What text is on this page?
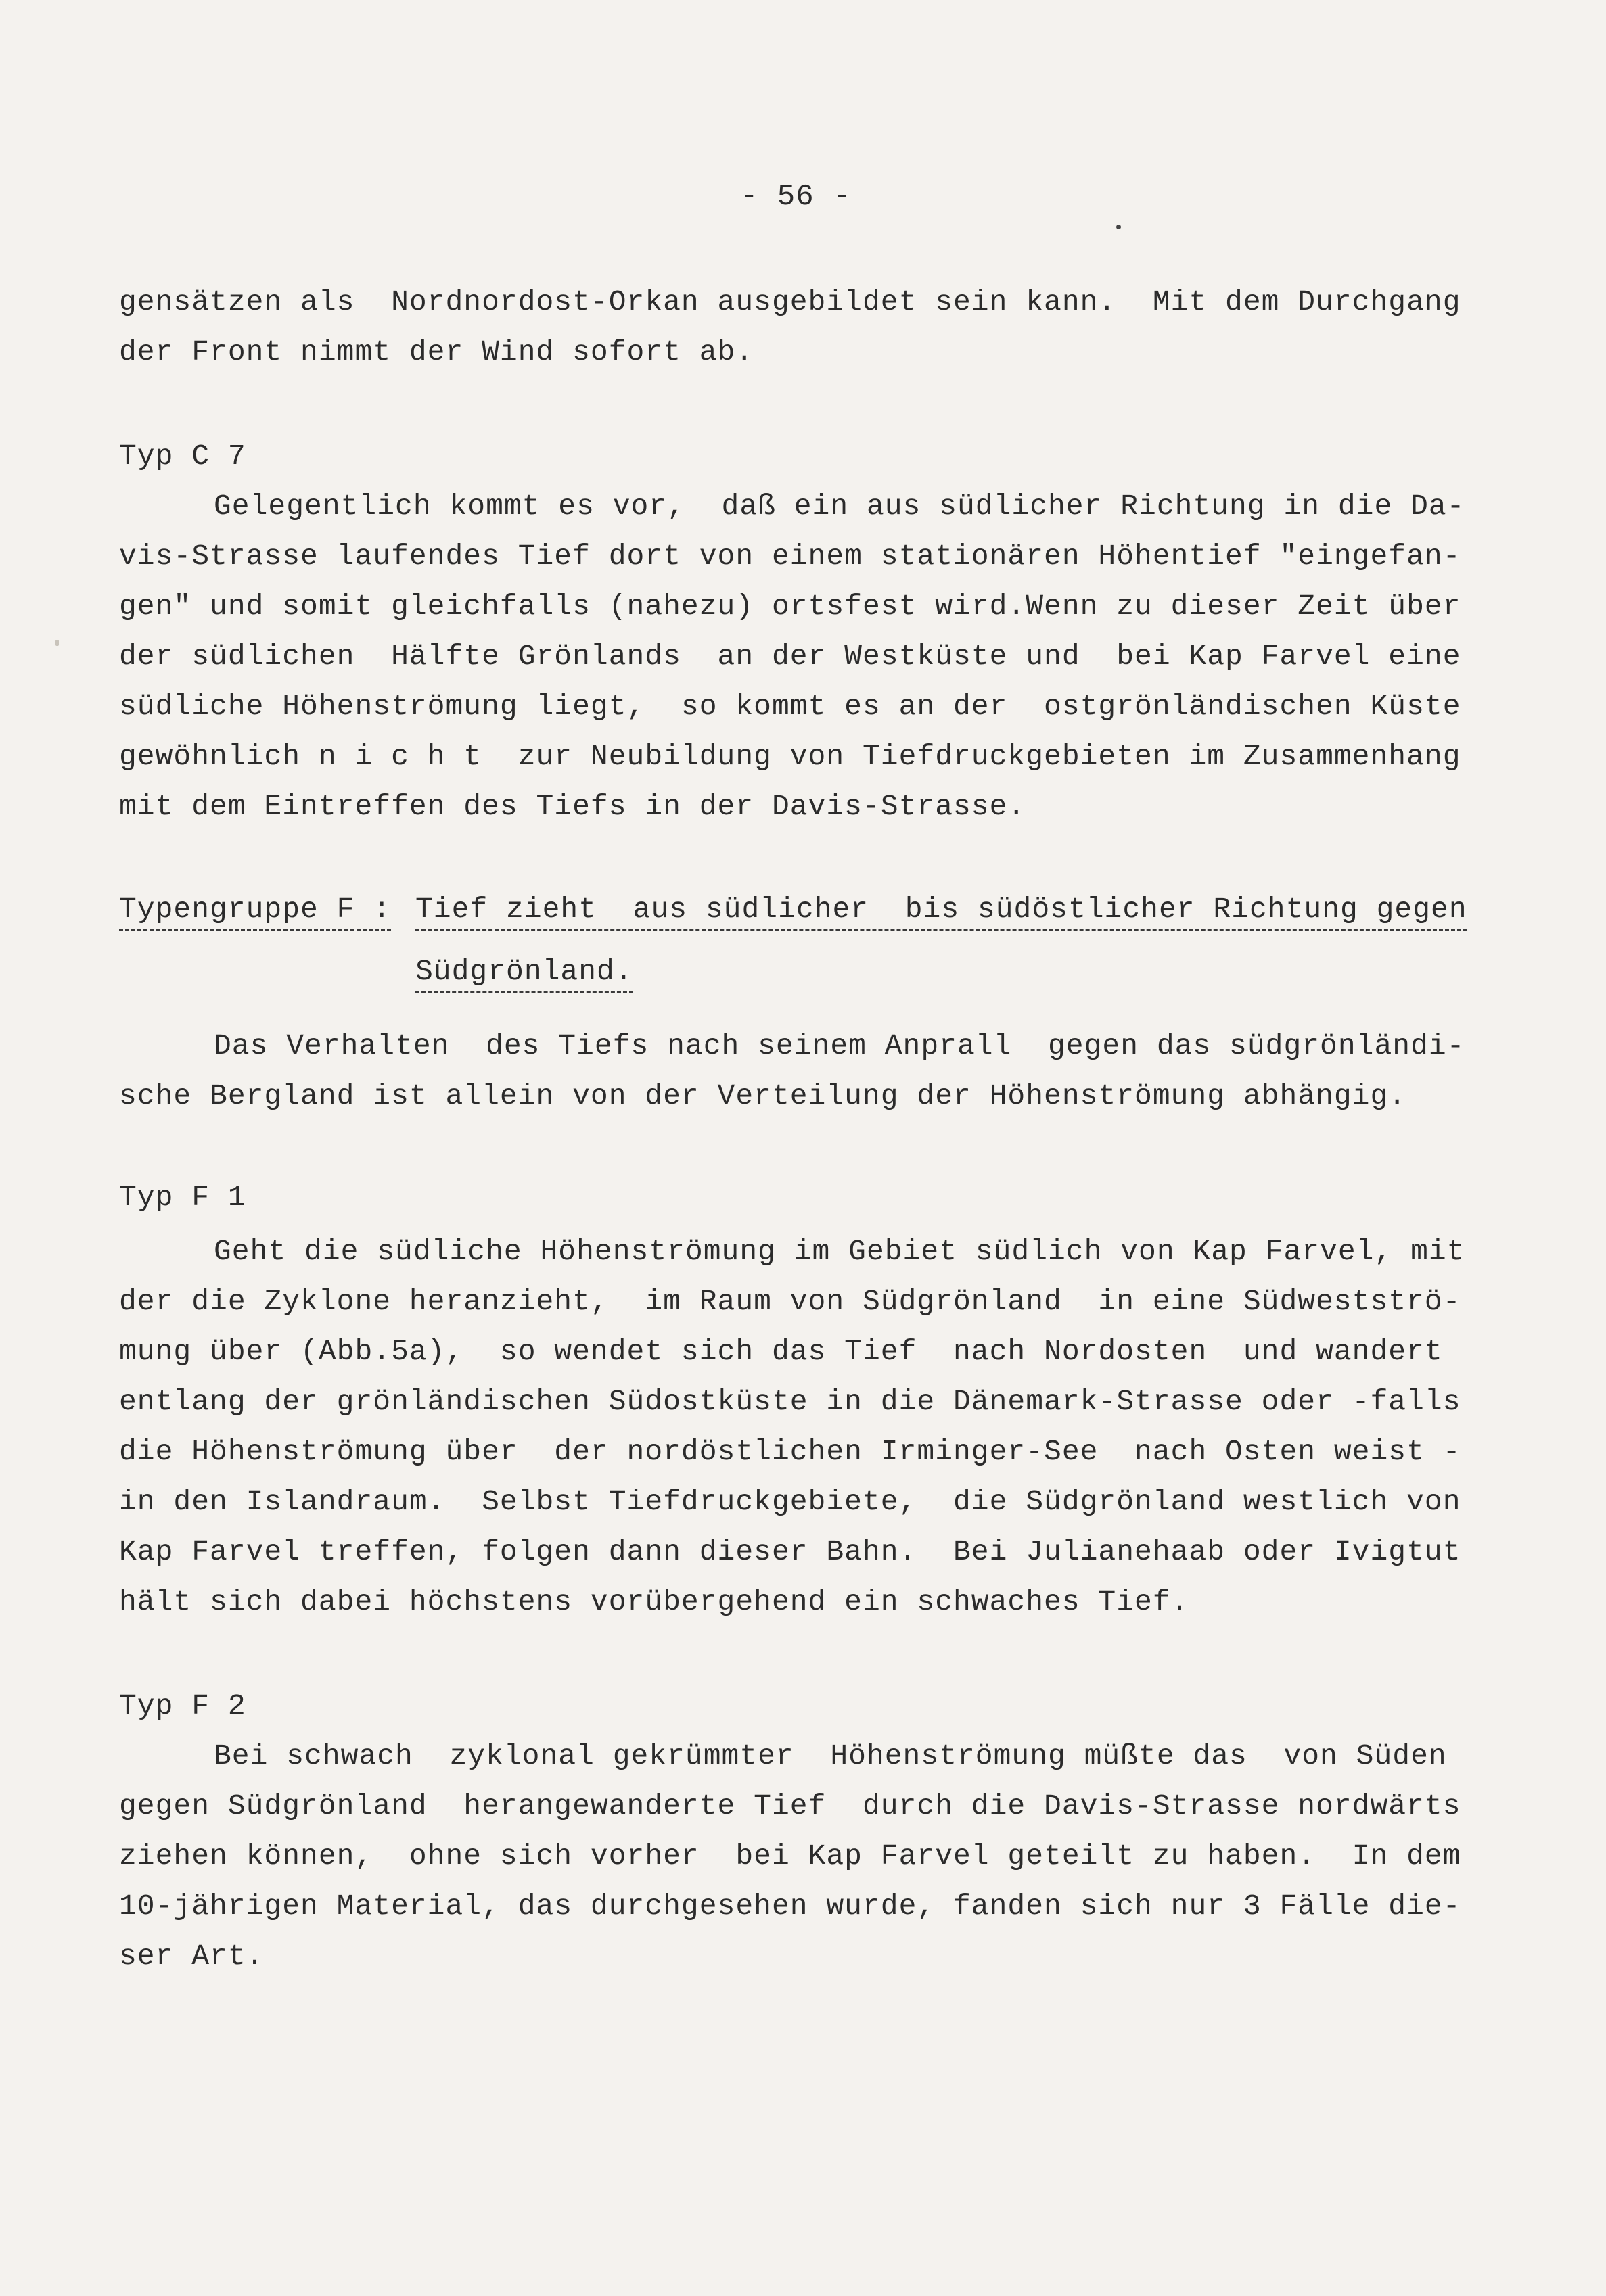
- 56 -
gensätzen als  Nordnordost-Orkan ausgebildet sein kann.  Mit dem Durchgang
der Front nimmt der Wind sofort ab.
Typ C 7
Gelegentlich kommt es vor,  daß ein aus südlicher Richtung in die Da-
vis-Strasse laufendes Tief dort von einem stationären Höhentief "eingefan-
gen" und somit gleichfalls (nahezu) ortsfest wird.Wenn zu dieser Zeit über
der südlichen  Hälfte Grönlands  an der Westküste und  bei Kap Farvel eine
südliche Höhenströmung liegt,  so kommt es an der  ostgrönländischen Küste
gewöhnlich n i c h t  zur Neubildung von Tiefdruckgebieten im Zusammenhang
mit dem Eintreffen des Tiefs in der Davis-Strasse.
Typengruppe F : Tief zieht  aus südlicher  bis südöstlicher Richtung gegen
Südgrönland.
Das Verhalten  des Tiefs nach seinem Anprall  gegen das südgrönländi-
sche Bergland ist allein von der Verteilung der Höhenströmung abhängig.
Typ F 1
Geht die südliche Höhenströmung im Gebiet südlich von Kap Farvel, mit
der die Zyklone heranzieht,  im Raum von Südgrönland  in eine Südwestströ-
mung über (Abb.5a),  so wendet sich das Tief  nach Nordosten  und wandert
entlang der grönländischen Südostküste in die Dänemark-Strasse oder -falls
die Höhenströmung über  der nordöstlichen Irminger-See  nach Osten weist -
in den Islandraum.  Selbst Tiefdruckgebiete,  die Südgrönland westlich von
Kap Farvel treffen, folgen dann dieser Bahn.  Bei Julianehaab oder Ivigtut
hält sich dabei höchstens vorübergehend ein schwaches Tief.
Typ F 2
Bei schwach  zyklonal gekrümmter  Höhenströmung müßte das  von Süden
gegen Südgrönland  herangewanderte Tief  durch die Davis-Strasse nordwärts
ziehen können,  ohne sich vorher  bei Kap Farvel geteilt zu haben.  In dem
10-jährigen Material, das durchgesehen wurde, fanden sich nur 3 Fälle die-
ser Art.
